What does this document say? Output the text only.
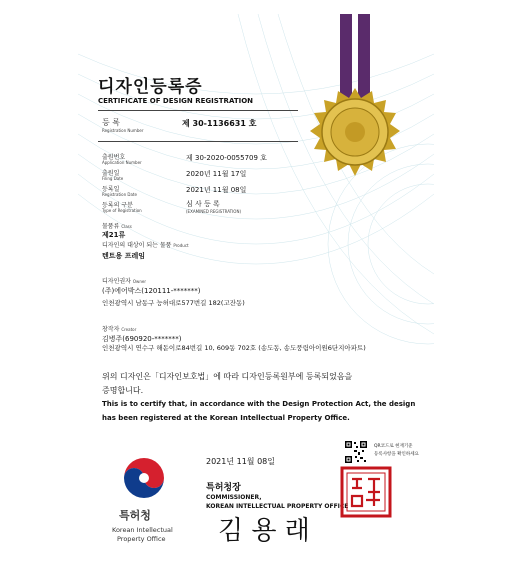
디자인등록증
CERTIFICATE OF DESIGN REGISTRATION
등 록
Registration Number
제 30-1136631 호
출원번호
Application Number
제 30-2020-0055709 호
출원일
Filing Date
2020년 11월 17일
등록일
Registration Date
2021년 11월 08일
등록의 구분
Type of Registration
심 사 등 록
(EXAMINED REGISTRATION)
물품류 Class
제21류
디자인의 대상이 되는 물품 Product
텐트용 프레임
디자인권자 Owner
(주)에어박스(120111-*******)
인천광역시 남동구 능허대로577번길 182(고잔동)
창작자 Creator
김병주(690920-*******)
인천광역시 연수구 해돋이로84번길 10, 609동 702호 (송도동, 송도풍림아이원6단지아파트)
위의 디자인은「디자인보호법」에 따라 디자인등록원부에 등록되었음을
증명합니다.
This is to certify that, in accordance with the Design Protection Act, the design
has been registered at the Korean Intellectual Property Office.
특허청
Korean Intellectual
Property Office
2021년 11월 08일
특허청장
COMMISSIONER,
KOREAN INTELLECTUAL PROPERTY OFFICE
김 용 래
QR코드로 현재기준
등록사항을 확인하세요
